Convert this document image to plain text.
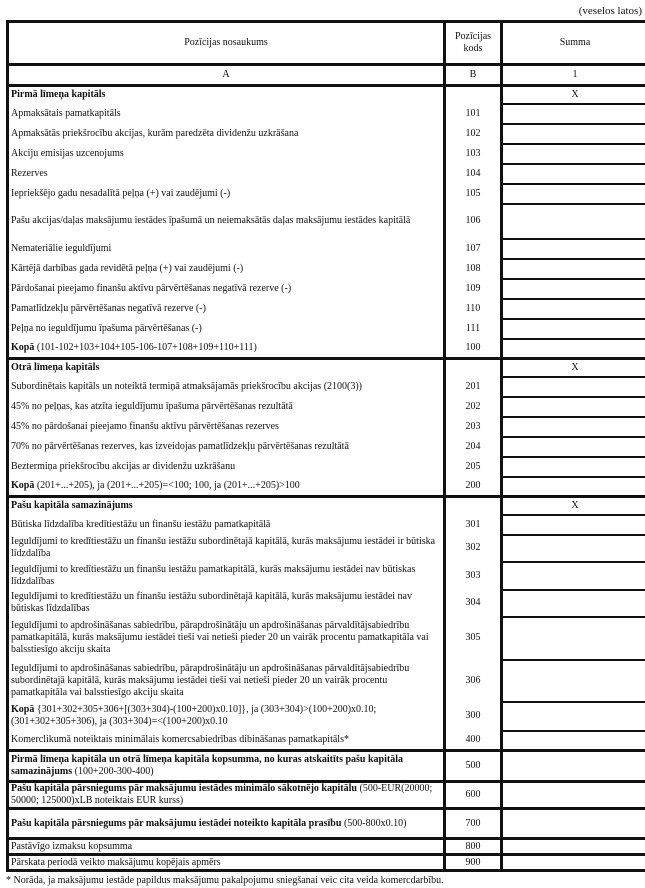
(veselos latos)
Pozīcijas nosaukums	Pozīcijas kods	Summa
A	B	1
Pirmā līmeņa kapitāls		X
Apmaksātais pamatkapitāls	101	
Apmaksātās priekšrocību akcijas, kurām paredzēta dividenžu uzkrāšana	102	
Akciju emisijas uzcenojums	103	
Rezerves	104	
Iepriekšējo gadu nesadalītā peļņa (+) vai zaudējumi (-)	105	
Pašu akcijas/daļas maksājumu iestādes īpašumā un neiemaksātās daļas maksājumu iestādes kapitālā	106	
Nemateriālie ieguldījumi	107	
Kārtējā darbības gada revidētā peļņa (+) vai zaudējumi (-)	108	
Pārdošanai pieejamo finanšu aktīvu pārvērtēšanas negatīvā rezerve (-)	109	
Pamatlīdzekļu pārvērtēšanas negatīvā rezerve (-)	110	
Peļņa no ieguldījumu īpašuma pārvērtēšanas (-)	111	
Kopā (101-102+103+104+105-106-107+108+109+110+111)	100	
Otrā līmeņa kapitāls		X
Subordinētais kapitāls un noteiktā termiņā atmaksājamās priekšrocību akcijas (2100(3))	201	
45% no peļņas, kas atzīta ieguldījumu īpašuma pārvērtēšanas rezultātā	202	
45% no pārdošanai pieejamo finanšu aktīvu pārvērtēšanas rezerves	203	
70% no pārvērtēšanas rezerves, kas izveidojas pamatlīdzekļu pārvērtēšanas rezultātā	204	
Beztermiņa priekšrocību akcijas ar dividenžu uzkrāšanu	205	
Kopā (201+...+205), ja (201+...+205)=<100; 100, ja (201+...+205)>100	200	
Pašu kapitāla samazinājums		X
Būtiska līdzdalība kredītiestāžu un finanšu iestāžu pamatkapitālā	301	
Ieguldījumi to kredītiestāžu un finanšu iestāžu subordinētajā kapitālā, kurās maksājumu iestādei ir būtiska līdzdalība	302	
Ieguldījumi to kredītiestāžu un finanšu iestāžu pamatkapitālā, kurās maksājumu iestādei nav būtiskas līdzdalības	303	
Ieguldījumi to kredītiestāžu un finanšu iestāžu subordinētajā kapitālā, kurās maksājumu iestādei nav būtiskas līdzdalības	304	
Ieguldījumi to apdrošināšanas sabiedrību, pārapdrošinātāju un apdrošināšanas pārvaldītājsabiedrību pamatkapitālā, kurās maksājumu iestādei tieši vai netieši pieder 20 un vairāk procentu pamatkapitāla vai balsstiesīgo akciju skaita	305	
Ieguldījumi to apdrošināšanas sabiedrību, pārapdrošinātāju un apdrošināšanas pārvaldītājsabiedrību subordinētajā kapitālā, kurās maksājumu iestādei tieši vai netieši pieder 20 un vairāk procentu pamatkapitāla vai balsstiesīgo akciju skaita	306	
Kopā {301+302+305+306+[(303+304)-(100+200)x0.10]}, ja (303+304)>(100+200)x0.10; (301+302+305+306), ja (303+304)=<(100+200)x0.10	300	
Komerclikumā noteiktais minimālais komercsabiedrības dibināšanas pamatkapitāls*	400	
Pirmā līmeņa kapitāla un otrā līmeņa kapitāla kopsumma, no kuras atskaitīts pašu kapitāla samazinājums (100+200-300-400)	500	
Pašu kapitāla pārsniegums pār maksājumu iestādes minimālo sākotnējo kapitālu (500-EUR(20000; 50000; 125000)xLB noteiktais EUR kurss)	600	
Pašu kapitāla pārsniegums pār maksājumu iestādei noteikto kapitāla prasību (500-800x0.10)	700	
Pastāvīgo izmaksu kopsumma	800	
Pārskata periodā veikto maksājumu kopējais apmērs	900	
* Norāda, ja maksājumu iestāde papildus maksājumu pakalpojumu sniegšanai veic cita veida komercdarbību.
